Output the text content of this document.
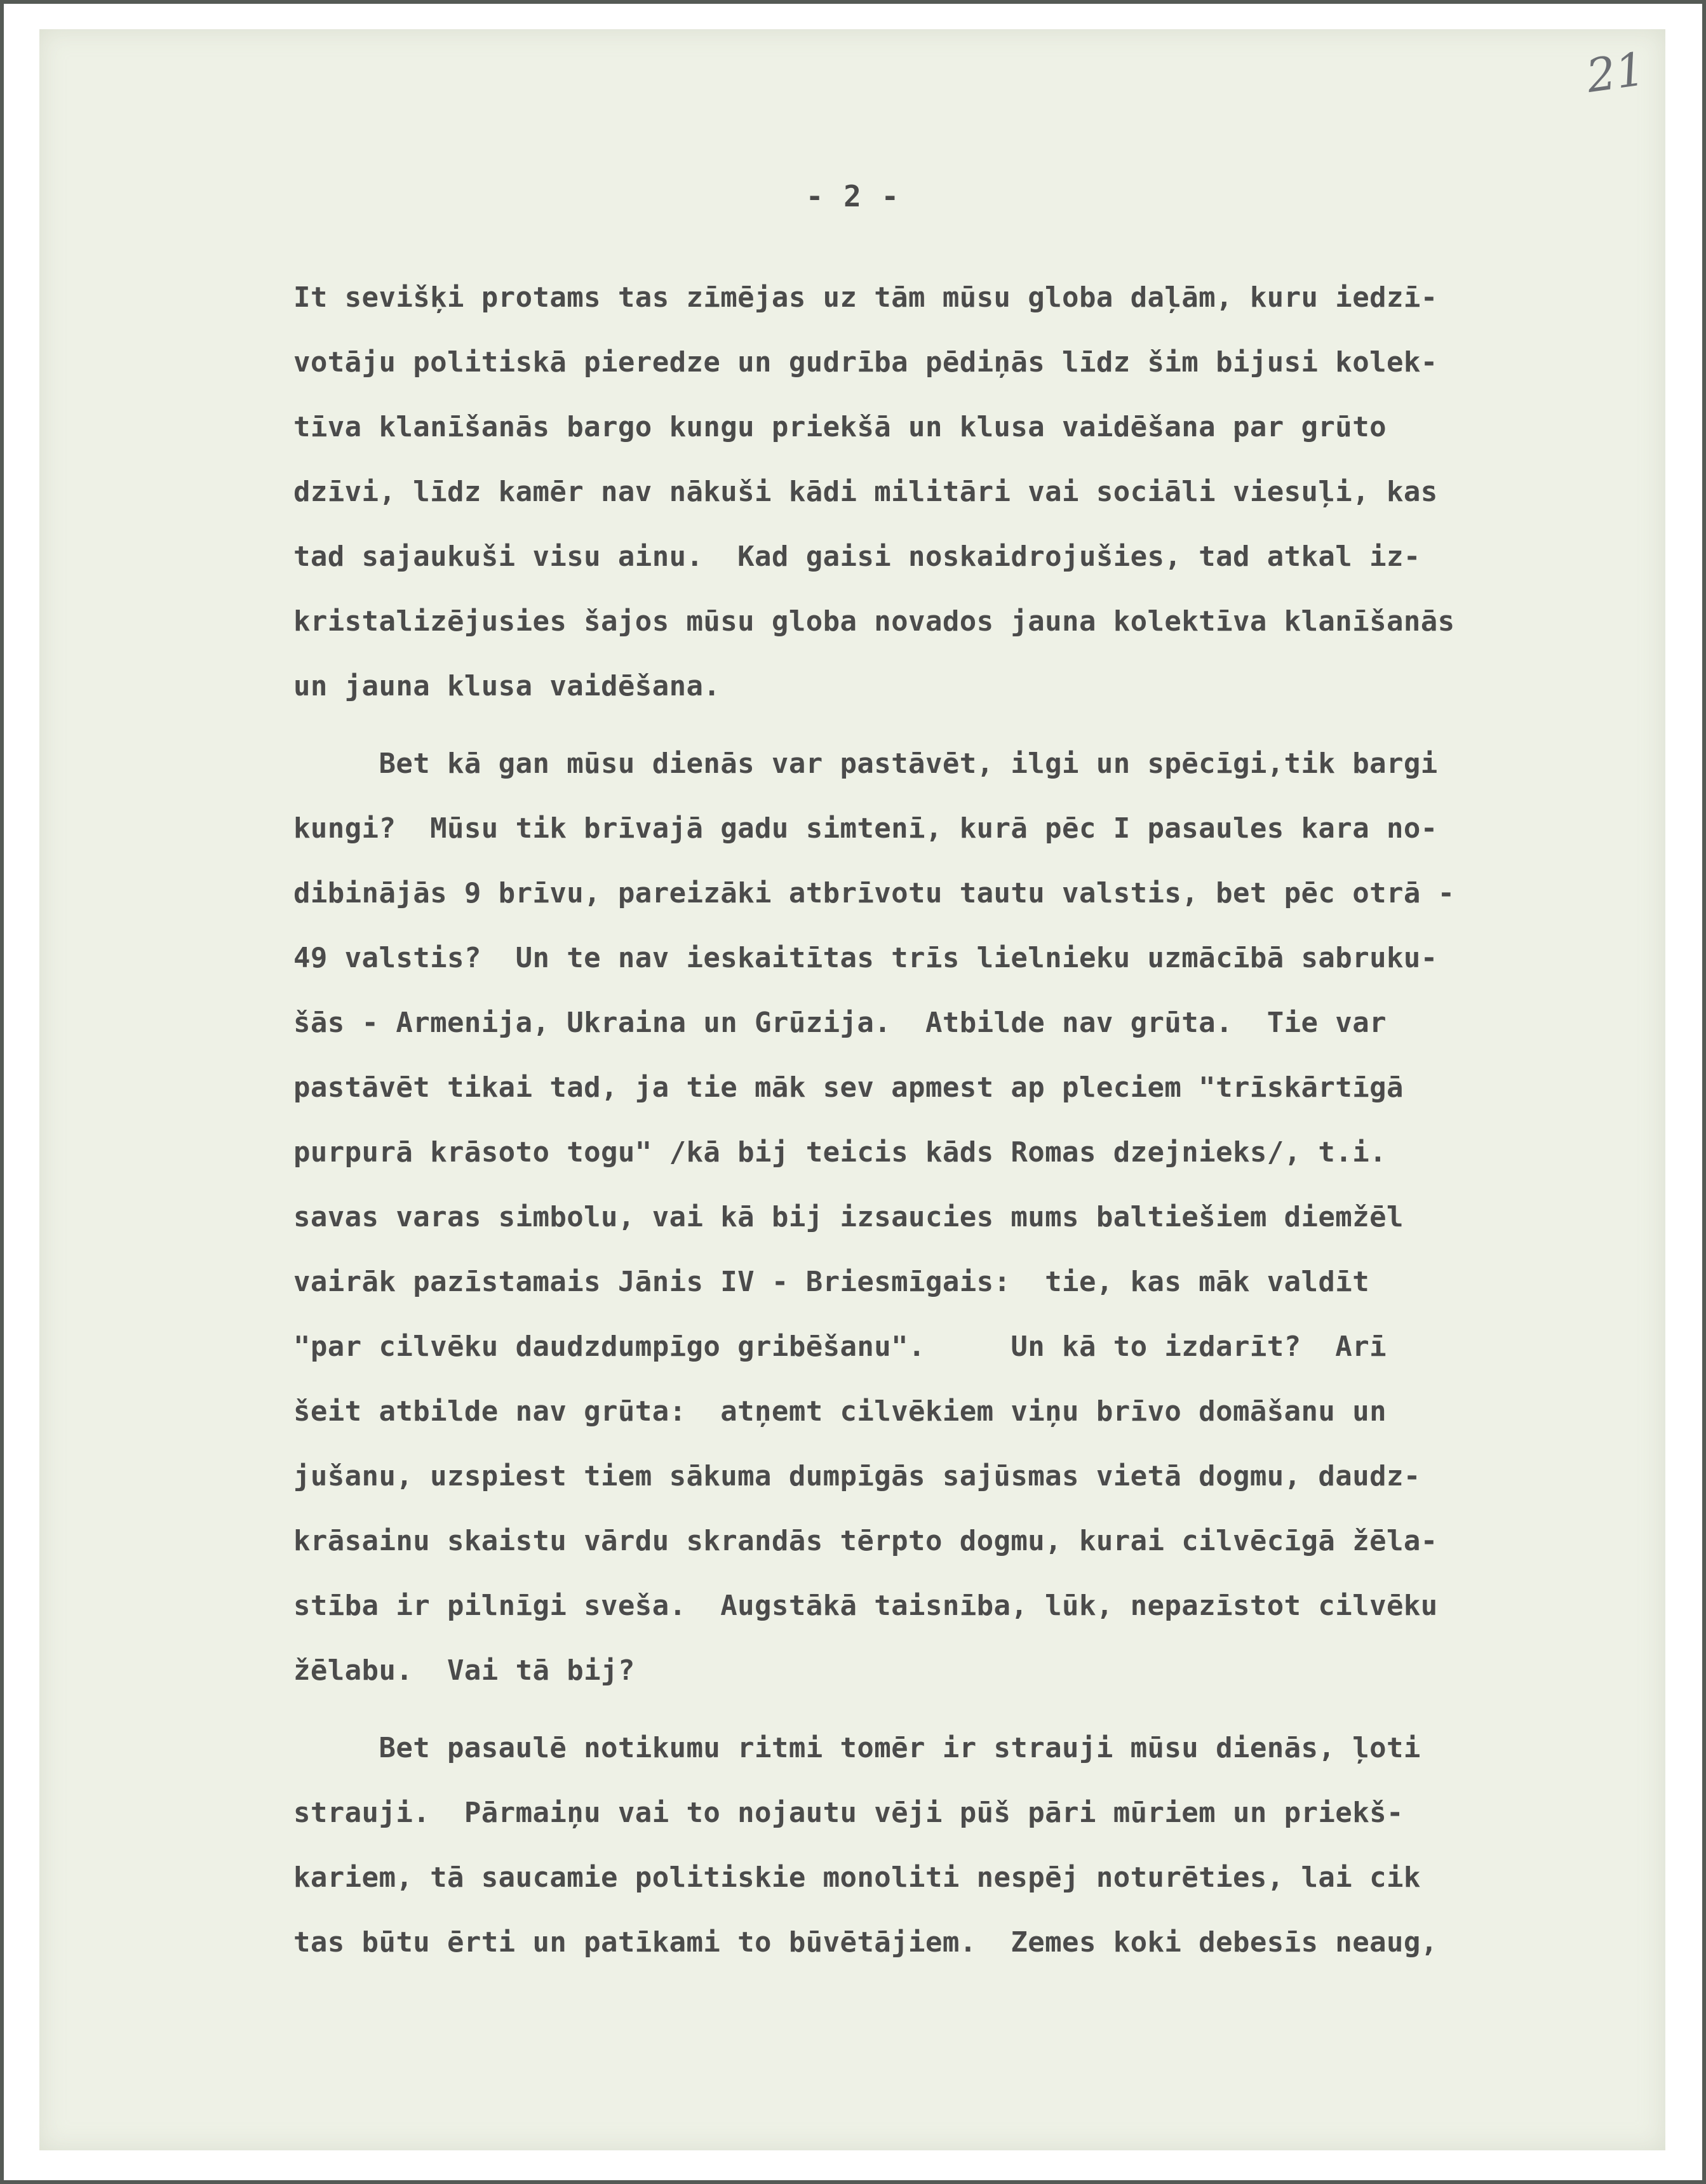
21
- 2 -
It sevišķi protams tas zīmējas uz tām mūsu globa daļām, kuru iedzī-
votāju politiskā pieredze un gudrība pēdiņās līdz šim bijusi kolek-
tīva klanīšanās bargo kungu priekšā un klusa vaidēšana par grūto
dzīvi, līdz kamēr nav nākuši kādi militāri vai sociāli viesuļi, kas
tad sajaukuši visu ainu.  Kad gaisi noskaidrojušies, tad atkal iz-
kristalizējusies šajos mūsu globa novados jauna kolektīva klanīšanās
un jauna klusa vaidēšana.
Bet kā gan mūsu dienās var pastāvēt, ilgi un spēcīgi,tik bargi
kungi?  Mūsu tik brīvajā gadu simtenī, kurā pēc I pasaules kara no-
dibinājās 9 brīvu, pareizāki atbrīvotu tautu valstis, bet pēc otrā -
49 valstis?  Un te nav ieskaitītas trīs lielnieku uzmācībā sabruku-
šās - Armenija, Ukraina un Grūzija.  Atbilde nav grūta.  Tie var
pastāvēt tikai tad, ja tie māk sev apmest ap pleciem "trīskārtīgā
purpurā krāsoto togu" /kā bij teicis kāds Romas dzejnieks/, t.i.
savas varas simbolu, vai kā bij izsaucies mums baltiešiem diemžēl
vairāk pazīstamais Jānis IV - Briesmīgais:  tie, kas māk valdīt
"par cilvēku daudzdumpīgo gribēšanu".     Un kā to izdarīt?  Arī
šeit atbilde nav grūta:  atņemt cilvēkiem viņu brīvo domāšanu un
jušanu, uzspiest tiem sākuma dumpīgās sajūsmas vietā dogmu, daudz-
krāsainu skaistu vārdu skrandās tērpto dogmu, kurai cilvēcīgā žēla-
stība ir pilnīgi sveša.  Augstākā taisnība, lūk, nepazīstot cilvēku
žēlabu.  Vai tā bij?
Bet pasaulē notikumu ritmi tomēr ir strauji mūsu dienās, ļoti
strauji.  Pārmaiņu vai to nojautu vēji pūš pāri mūriem un priekš-
kariem, tā saucamie politiskie monoliti nespēj noturēties, lai cik
tas būtu ērti un patīkami to būvētājiem.  Zemes koki debesīs neaug,
